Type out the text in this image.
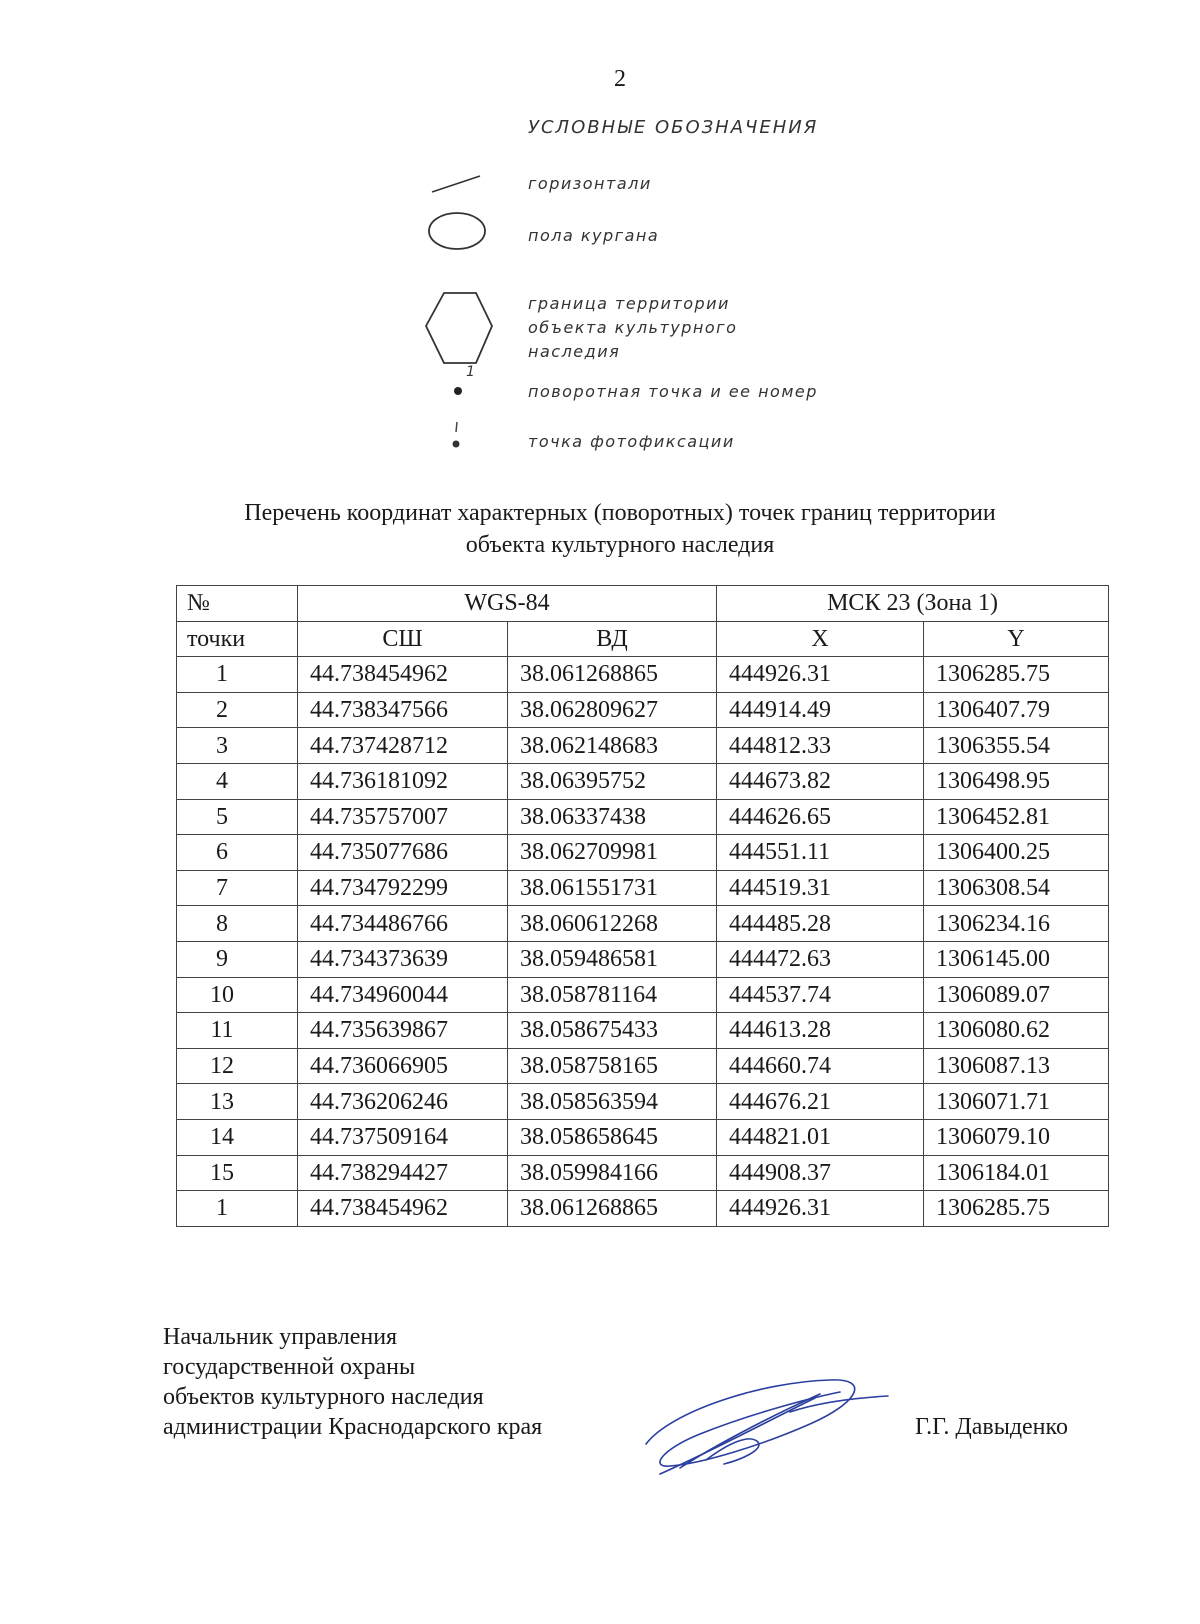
2
УСЛОВНЫЕ ОБОЗНАЧЕНИЯ
горизонтали
пола кургана
граница территории
объекта культурного
наследия
1
поворотная точка и ее номер
точка фотофиксации
Перечень координат характерных (поворотных) точек границ территории
объекта культурного наследия
№	WGS-84		МСК 23 (Зона 1)	
точки	СШ	ВД	X	Y
1	44.738454962	38.061268865	444926.31	1306285.75
2	44.738347566	38.062809627	444914.49	1306407.79
3	44.737428712	38.062148683	444812.33	1306355.54
4	44.736181092	38.06395752	444673.82	1306498.95
5	44.735757007	38.06337438	444626.65	1306452.81
6	44.735077686	38.062709981	444551.11	1306400.25
7	44.734792299	38.061551731	444519.31	1306308.54
8	44.734486766	38.060612268	444485.28	1306234.16
9	44.734373639	38.059486581	444472.63	1306145.00
10	44.734960044	38.058781164	444537.74	1306089.07
11	44.735639867	38.058675433	444613.28	1306080.62
12	44.736066905	38.058758165	444660.74	1306087.13
13	44.736206246	38.058563594	444676.21	1306071.71
14	44.737509164	38.058658645	444821.01	1306079.10
15	44.738294427	38.059984166	444908.37	1306184.01
1	44.738454962	38.061268865	444926.31	1306285.75
Начальник управления
государственной охраны
объектов культурного наследия
администрации Краснодарского края	Г.Г. Давыденко
